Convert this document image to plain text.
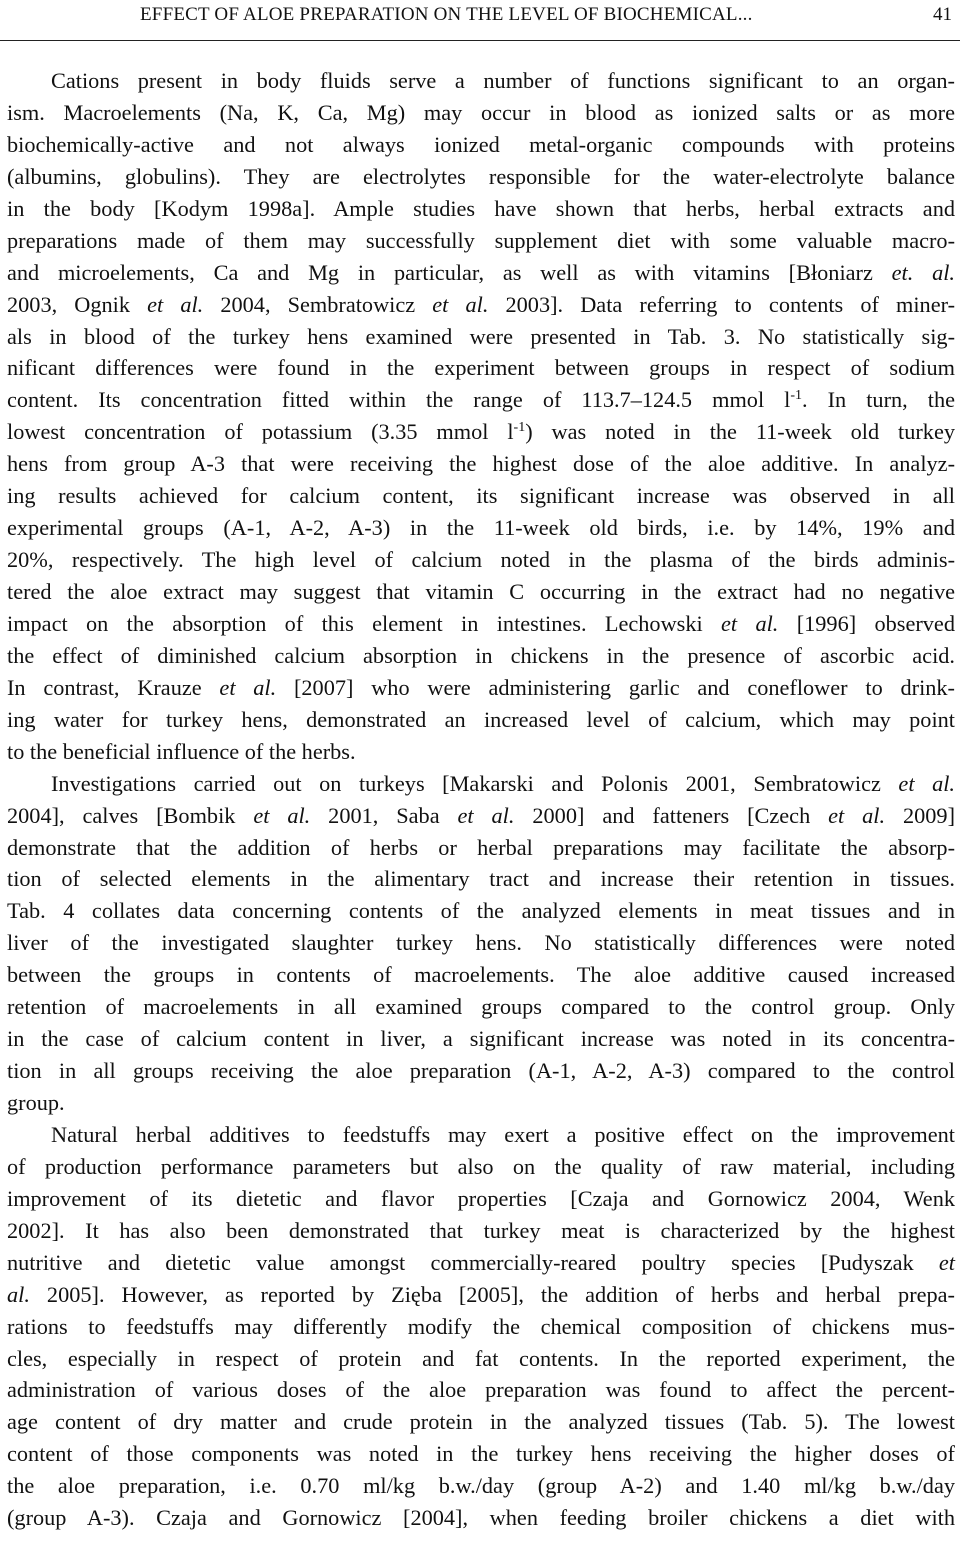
EFFECT OF ALOE PREPARATION ON THE LEVEL OF BIOCHEMICAL...	41
Cations present in body fluids serve a number of functions significant to an organ-
ism. Macroelements (Na, K, Ca, Mg) may occur in blood as ionized salts or as more
biochemically-active and not always ionized metal-organic compounds with proteins
(albumins, globulins). They are electrolytes responsible for the water-electrolyte balance
in the body [Kodym 1998a]. Ample studies have shown that herbs, herbal extracts and
preparations made of them may successfully supplement diet with some valuable macro-
and microelements, Ca and Mg in particular, as well as with vitamins [Błoniarz et. al.
2003, Ognik et al. 2004, Sembratowicz et al. 2003]. Data referring to contents of miner-
als in blood of the turkey hens examined were presented in Tab. 3. No statistically sig-
nificant differences were found in the experiment between groups in respect of sodium
content. Its concentration fitted within the range of 113.7–124.5 mmol $l^{-1}$. In turn, the
lowest concentration of potassium (3.35 mmol $l^{-1}$) was noted in the 11-week old turkey
hens from group A-3 that were receiving the highest dose of the aloe additive. In analyz-
ing results achieved for calcium content, its significant increase was observed in all
experimental groups (A-1, A-2, A-3) in the 11-week old birds, i.e. by 14%, 19% and
20%, respectively. The high level of calcium noted in the plasma of the birds adminis-
tered the aloe extract may suggest that vitamin C occurring in the extract had no negative
impact on the absorption of this element in intestines. Lechowski et al. [1996] observed
the effect of diminished calcium absorption in chickens in the presence of ascorbic acid.
In contrast, Krauze et al. [2007] who were administering garlic and coneflower to drink-
ing water for turkey hens, demonstrated an increased level of calcium, which may point
to the beneficial influence of the herbs.
Investigations carried out on turkeys [Makarski and Polonis 2001, Sembratowicz et al.
2004], calves [Bombik et al. 2001, Saba et al. 2000] and fatteners [Czech et al. 2009]
demonstrate that the addition of herbs or herbal preparations may facilitate the absorp-
tion of selected elements in the alimentary tract and increase their retention in tissues.
Tab. 4 collates data concerning contents of the analyzed elements in meat tissues and in
liver of the investigated slaughter turkey hens. No statistically differences were noted
between the groups in contents of macroelements. The aloe additive caused increased
retention of macroelements in all examined groups compared to the control group. Only
in the case of calcium content in liver, a significant increase was noted in its concentra-
tion in all groups receiving the aloe preparation (A-1, A-2, A-3) compared to the control
group.
Natural herbal additives to feedstuffs may exert a positive effect on the improvement
of production performance parameters but also on the quality of raw material, including
improvement of its dietetic and flavor properties [Czaja and Gornowicz 2004, Wenk
2002]. It has also been demonstrated that turkey meat is characterized by the highest
nutritive and dietetic value amongst commercially-reared poultry species [Pudyszak et
al. 2005]. However, as reported by Zięba [2005], the addition of herbs and herbal prepa-
rations to feedstuffs may differently modify the chemical composition of chickens mus-
cles, especially in respect of protein and fat contents. In the reported experiment, the
administration of various doses of the aloe preparation was found to affect the percent-
age content of dry matter and crude protein in the analyzed tissues (Tab. 5). The lowest
content of those components was noted in the turkey hens receiving the higher doses of
the aloe preparation, i.e. 0.70 ml/kg b.w./day (group A-2) and 1.40 ml/kg b.w./day
(group A-3). Czaja and Gornowicz [2004], when feeding broiler chickens a diet with
